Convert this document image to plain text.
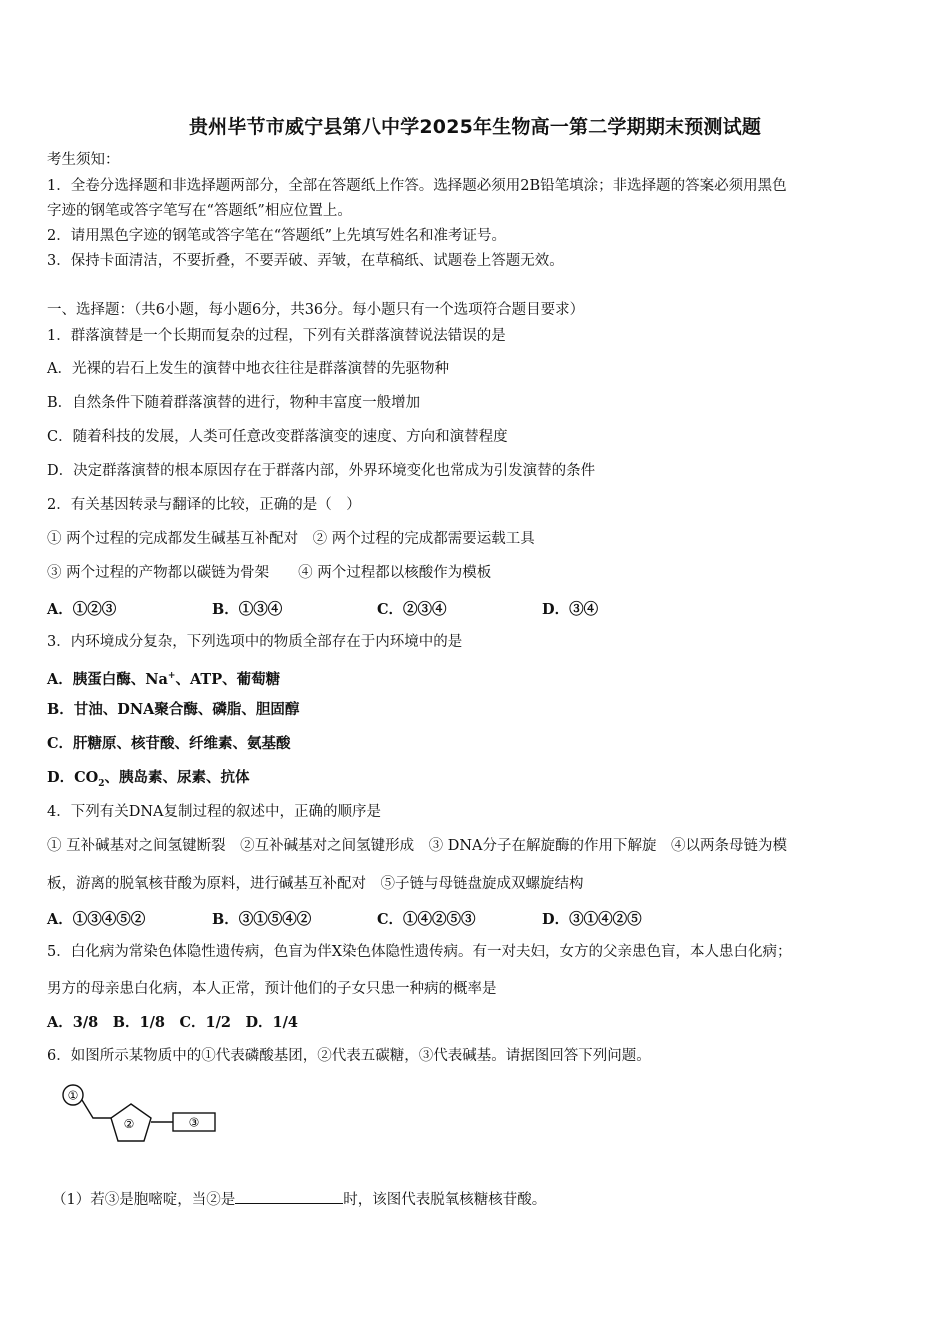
贵州毕节市威宁县第八中学2025年生物高一第二学期期末预测试题
考生须知：
1．全卷分选择题和非选择题两部分，全部在答题纸上作答。选择题必须用2B铅笔填涂；非选择题的答案必须用黑色
字迹的钢笔或答字笔写在“答题纸”相应位置上。
2．请用黑色字迹的钢笔或答字笔在“答题纸”上先填写姓名和准考证号。
3．保持卡面清洁，不要折叠，不要弄破、弄皱，在草稿纸、试题卷上答题无效。
一、选择题：（共6小题，每小题6分，共36分。每小题只有一个选项符合题目要求）
1．群落演替是一个长期而复杂的过程，下列有关群落演替说法错误的是
A．光裸的岩石上发生的演替中地衣往往是群落演替的先驱物种
B．自然条件下随着群落演替的进行，物种丰富度一般增加
C．随着科技的发展，人类可任意改变群落演变的速度、方向和演替程度
D．决定群落演替的根本原因存在于群落内部，外界环境变化也常成为引发演替的条件
2．有关基因转录与翻译的比较，正确的是（　）
① 两个过程的完成都发生碱基互补配对　② 两个过程的完成都需要运载工具
③ 两个过程的产物都以碳链为骨架　　④ 两个过程都以核酸作为模板
A．①②③	B．①③④	C．②③④	D．③④
3．内环境成分复杂，下列选项中的物质全部存在于内环境中的是
A．胰蛋白酶、Na+、ATP、葡萄糖
B．甘油、DNA聚合酶、磷脂、胆固醇
C．肝糖原、核苷酸、纤维素、氨基酸
D．$CO_2$、胰岛素、尿素、抗体
4．下列有关DNA复制过程的叙述中，正确的顺序是
① 互补碱基对之间氢键断裂　②互补碱基对之间氢键形成　③ DNA分子在解旋酶的作用下解旋　④以两条母链为模
板，游离的脱氧核苷酸为原料，进行碱基互补配对　⑤子链与母链盘旋成双螺旋结构
A．①③④⑤②	B．③①⑤④②	C．①④②⑤③	D．③①④②⑤
5．白化病为常染色体隐性遗传病，色盲为伴X染色体隐性遗传病。有一对夫妇，女方的父亲患色盲，本人患白化病；
男方的母亲患白化病，本人正常，预计他们的子女只患一种病的概率是
A．3/8　B．1/8　C．1/2　D．1/4
6．如图所示某物质中的①代表磷酸基团，②代表五碳糖，③代表碱基。请据图回答下列问题。
①
②	③
（1）若③是胞嘧啶，当②是	时，该图代表脱氧核糖核苷酸。
